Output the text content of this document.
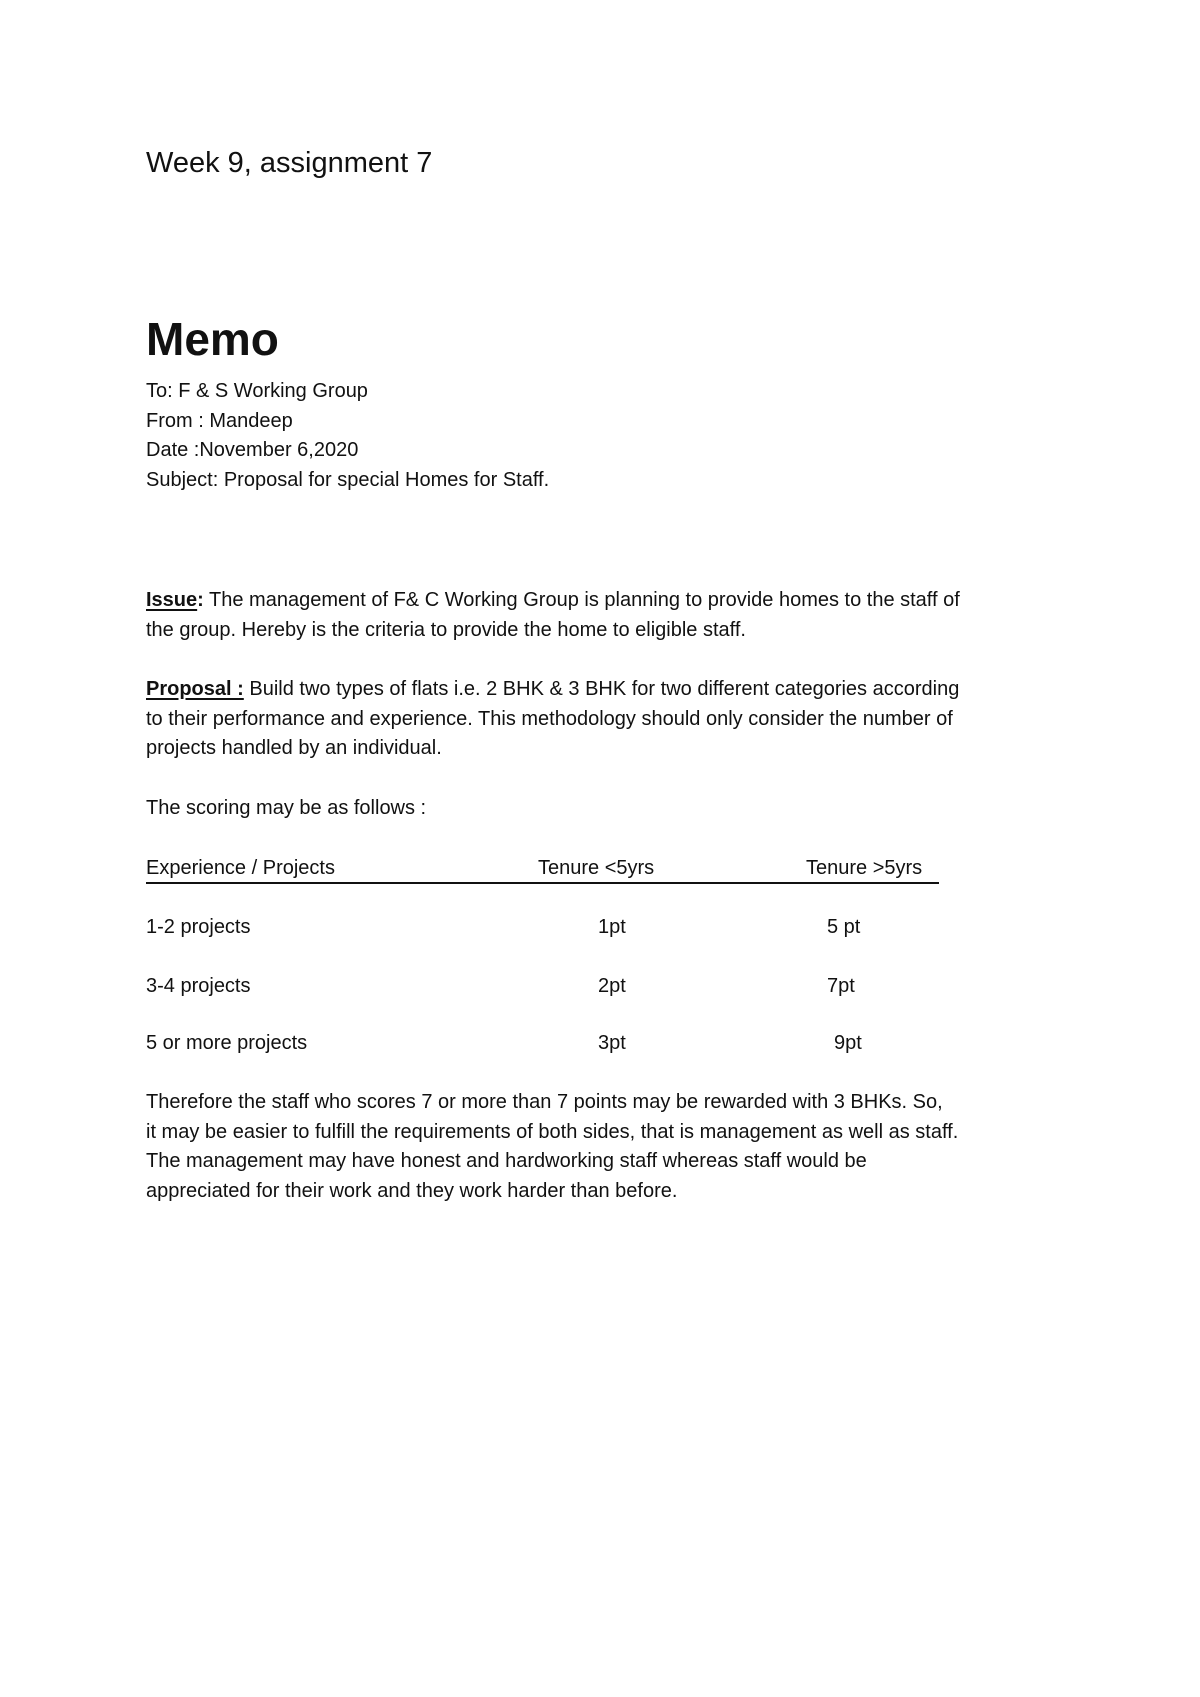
Week 9, assignment 7
Memo
To: F & S Working Group
From : Mandeep
Date :November 6,2020
Subject: Proposal for special Homes for Staff.
Issue: The management of F& C Working Group is planning to provide homes to the staff of
the group. Hereby is the criteria to provide the home to eligible staff.
Proposal : Build two types of flats i.e. 2 BHK & 3 BHK for two different categories according
to their performance and experience. This methodology should only consider the number of
projects handled by an individual.
The scoring may be as follows :
Experience / Projects	Tenure <5yrs	Tenure >5yrs
1-2 projects	1pt	5 pt
3-4 projects	2pt	7pt
5 or more projects	3pt	9pt
Therefore the staff who scores 7 or more than 7 points may be rewarded with 3 BHKs. So,
it may be easier to fulfill the requirements of both sides, that is management as well as staff.
The management may have honest and hardworking staff whereas staff would be
appreciated for their work and they work harder than before.
